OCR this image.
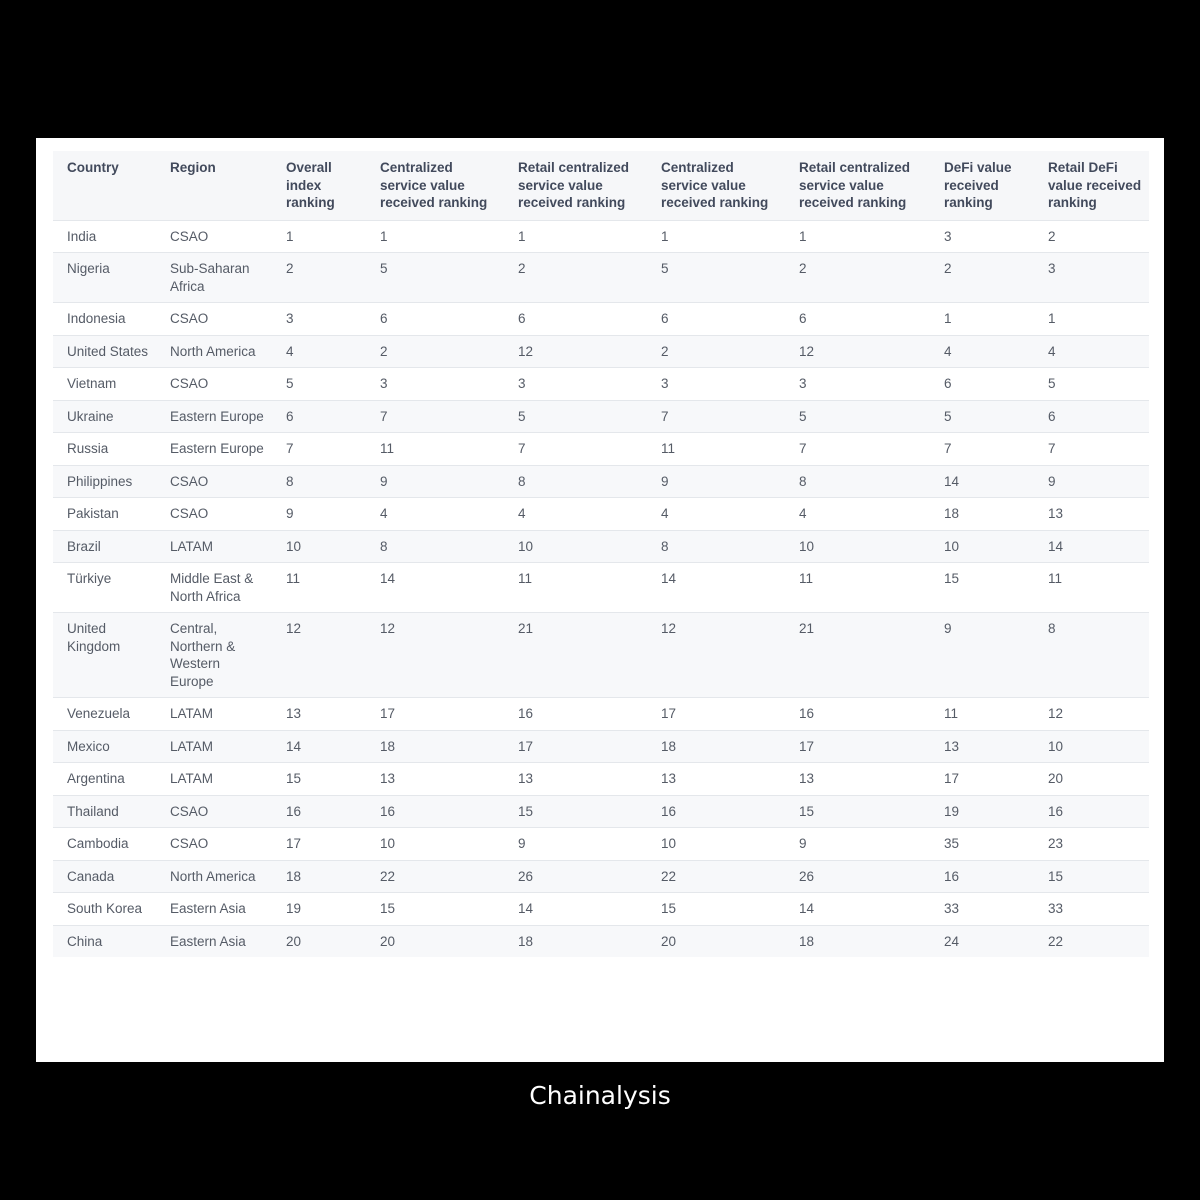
Country	Region	Overall index ranking	Centralized service value received ranking	Retail centralized service value received ranking	Centralized service value received ranking	Retail centralized service value received ranking	DeFi value received ranking	Retail DeFi value received ranking
India	CSAO	1	1	1	1	1	3	2
Nigeria	Sub-Saharan Africa	2	5	2	5	2	2	3
Indonesia	CSAO	3	6	6	6	6	1	1
United States	North America	4	2	12	2	12	4	4
Vietnam	CSAO	5	3	3	3	3	6	5
Ukraine	Eastern Europe	6	7	5	7	5	5	6
Russia	Eastern Europe	7	11	7	11	7	7	7
Philippines	CSAO	8	9	8	9	8	14	9
Pakistan	CSAO	9	4	4	4	4	18	13
Brazil	LATAM	10	8	10	8	10	10	14
Türkiye	Middle East & North Africa	11	14	11	14	11	15	11
United Kingdom	Central, Northern & Western Europe	12	12	21	12	21	9	8
Venezuela	LATAM	13	17	16	17	16	11	12
Mexico	LATAM	14	18	17	18	17	13	10
Argentina	LATAM	15	13	13	13	13	17	20
Thailand	CSAO	16	16	15	16	15	19	16
Cambodia	CSAO	17	10	9	10	9	35	23
Canada	North America	18	22	26	22	26	16	15
South Korea	Eastern Asia	19	15	14	15	14	33	33
China	Eastern Asia	20	20	18	20	18	24	22
Chainalysis
